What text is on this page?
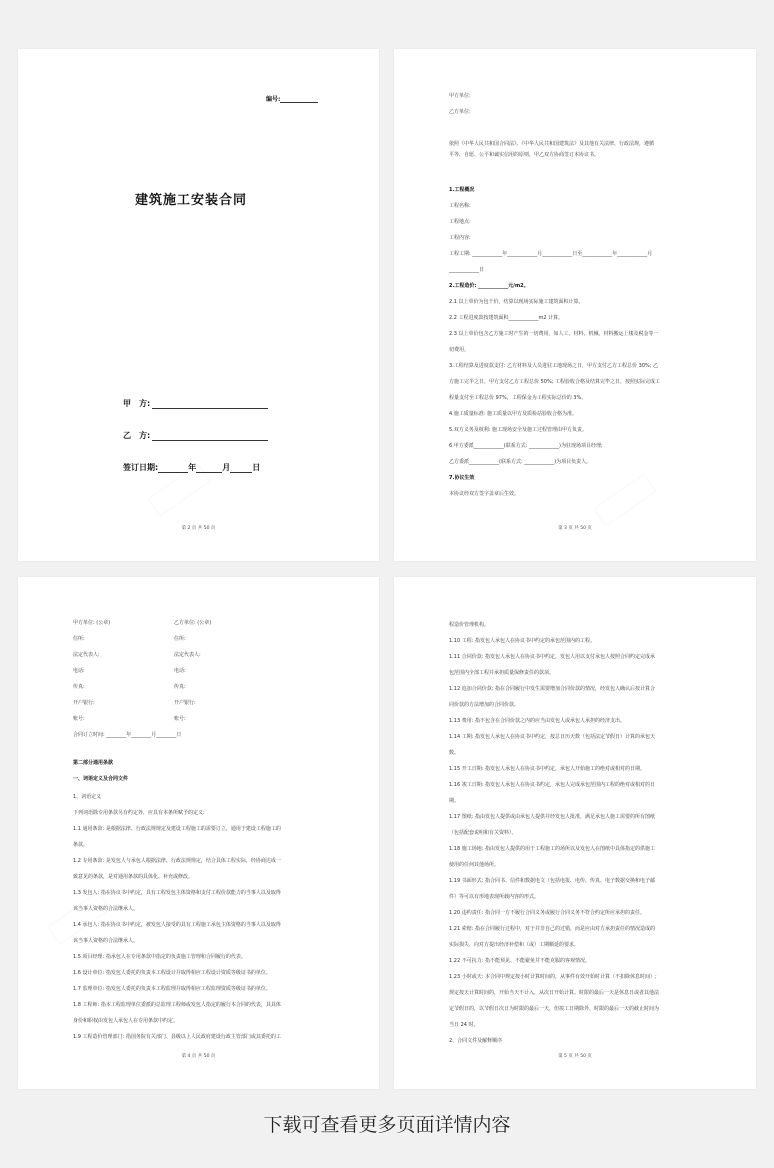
编号:
建筑施工安装合同
甲　方:
乙　方:
签订日期:	年	月	日
第 2 页 共 50 页
甲方单位:
乙方单位:
依照《中华人民共和国合同法》、《中华人民共和国建筑法》及其他有关法律、行政法规，遵循
平等、自愿、公平和诚实信用的原则，甲乙双方协商签订本协议书。
1.工程概况
工程名称:
工程地点:
工程内容:
工程工期: ____________年____________月____________日至____________年____________月
____________日
2.工程造价: ____________元/m2。
2.1 以上单价为包干价，结算以现场实际施工建筑面积计算。
2.2 工程进度款按建筑面积____________m2 计算。
2.3 以上单价包含乙方施工时产生的一切费用，如人工、材料、机械、材料搬运上楼及税金等一
切费用。
3.工程结算及进度款支付: 乙方材料及人员进驻工地现场之日，甲方支付乙方工程总价 30%; 乙
方施工完半之日，甲方支付乙方工程总价 50%; 工程验收合格及结算完毕之日，按照实际完成工
程量支付至工程总价 97%，工程保金为工程实际总价的 3%。
4.施工质量标准: 施工质量以甲方及质检站验收合格为准。
5.双方义务及权利: 施工现场安全及施工过程管理由甲方负责。
6.甲方委派____________(联系方式: ____________)为驻现场项目经理;
乙方委派____________(联系方式: ____________)为项目负责人。
7.协议生效
本协议经双方签字盖章后生效。
第 3 页 共 50 页
甲方单位: (公章)	乙方单位: (公章)
住所:	住所:
法定代表人:	法定代表人:
电话:	电话:
传真:	传真:
开户银行:	开户银行:
账号:	账号:
合同订立时间: ________年________月________日
第二部分通用条款
一、词语定义及合同文件
1、词语定义
下列词语除专用条款另有约定外，应具有本条所赋予的定义:
1.1 通用条款: 是根据法律、行政法规规定及建设工程施工的需要订立，通用于建设工程施工的
条款。
1.2 专用条款: 是发包人与承包人根据法律、行政法规规定，结合具体工程实际，经协商达成一
致意见的条款，是对通用条款的具体化、补充或修改。
1.3 发包人: 指在协议书中约定，具有工程发包主体资格和支付工程价款能力的当事人以及取得
该当事人资格的合法继承人。
1.4 承包人: 指在协议书中约定，被发包人接受的具有工程施工承包主体资格的当事人以及取得
该当事人资格的合法继承人。
1.5 项目经理: 指承包人在专用条款中指定的负责施工管理和合同履行的代表。
1.6 设计单位: 指发包人委托的负责本工程设计并取得相应工程设计资质等级证书的单位。
1.7 监理单位: 指发包人委托的负责本工程监理并取得相应工程监理资质等级证书的单位。
1.8 工程师: 指本工程监理单位委派的总监理工程师或发包人指定的履行本合同的代表，其具体
身份和职权由发包人承包人在专用条款中约定。
1.9 工程造价管理部门: 指国务院有关部门、县级以上人民政府建设行政主管部门或其委托的工
第 4 页 共 50 页
程造价管理机构。
1.10 工程: 指发包人承包人在协议书中约定的承包范围内的工程。
1.11 合同价款: 指发包人承包人在协议书中约定，发包人用以支付承包人按照合同约定完成承
包范围内全部工程并承担质量保修责任的款项。
1.12 追加合同价款: 指在合同履行中发生需要增加合同价款的情况，经发包人确认后按计算合
同价款的方法增加的合同价款。
1.13 费用: 指不包含在合同价款之内的应当由发包人或承包人承担的经济支出。
1.14 工期: 指发包人承包人在协议书中约定，按总日历天数（包括法定节假日）计算的承包天
数。
1.15 开工日期: 指发包人承包人在协议书中约定，承包人开始施工的绝对或相对的日期。
1.16 竣工日期: 指发包人承包人在协议书约定，承包人完成承包范围内工程的绝对或相对的日
期。
1.17 图纸: 指由发包人提供或由承包人提供并经发包人批准，满足承包人施工需要的所有图纸
（包括配套说明和有关资料）。
1.18 施工场地: 指由发包人提供的用于工程施工的场所以及发包人在图纸中具体指定的供施工
使用的任何其他场所。
1.19 书面形式: 指合同书、信件和数据电文（包括电报、电传、传真、电子数据交换和电子邮
件）等可以有形地表现所载内容的形式。
1.20 违约责任: 指合同一方不履行合同义务或履行合同义务不符合约定所应承担的责任。
1.21 索赔: 指在合同履行过程中，对于并非自己的过错，而是应由对方承担责任的情况造成的
实际损失，向对方提出经济补偿和（或）工期顺延的要求。
1.22 不可抗力: 指不能预见、不能避免并不能克服的客观情况。
1.23 小时或天: 本合同中规定按小时计算时间的，从事件有效开始时计算（不扣除休息时间）;
规定按天计算时间的，开始当天不计入，从次日开始计算。时限的最后一天是休息日或者其他法
定节假日的，以节假日次日为时限的最后一天，但竣工日期除外。时限的最后一天的截止时间为
当日 24 时。
2、合同文件及解释顺序
第 5 页 共 50 页
下载可查看更多页面详情内容
